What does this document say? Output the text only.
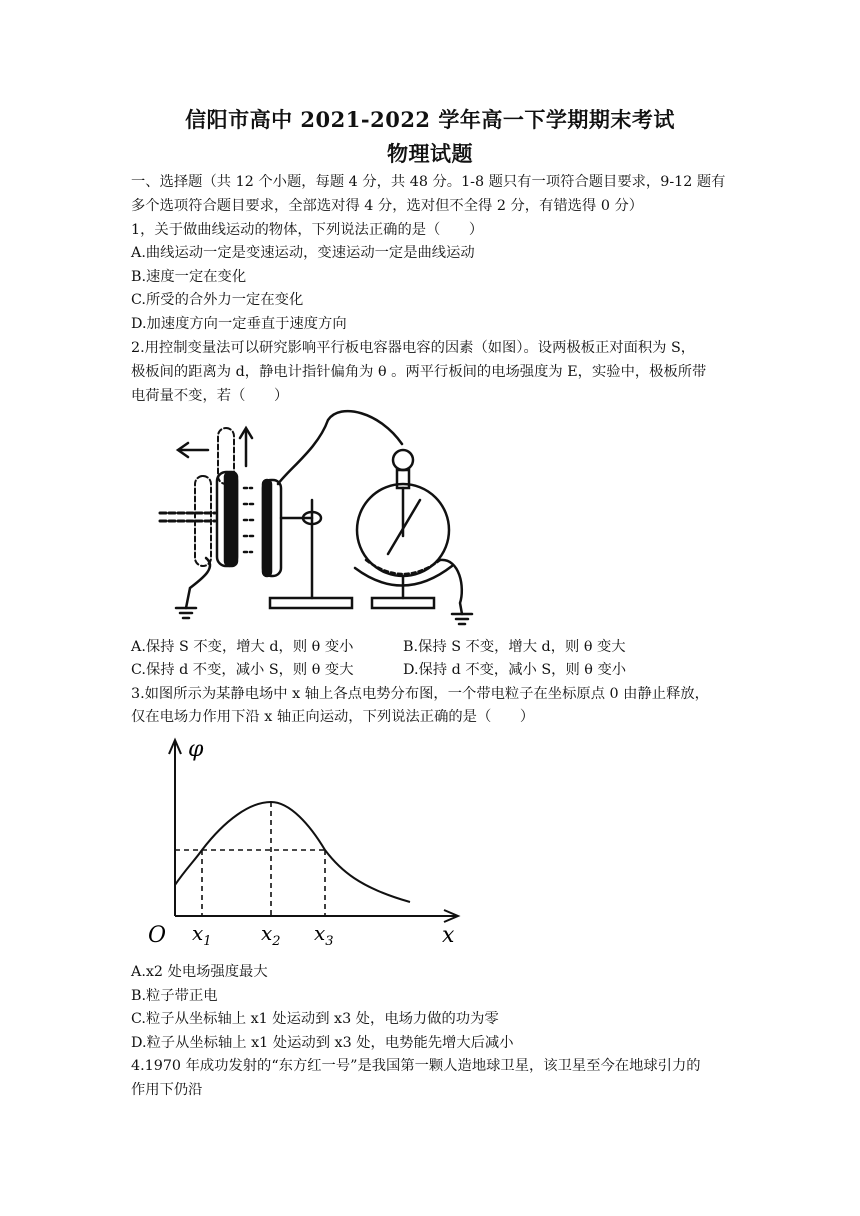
信阳市高中 2021-2022 学年高一下学期期末考试
物理试题
一、选择题（共 12 个小题，每题 4 分，共 48 分。1-8 题只有一项符合题目要求，9-12 题有
多个选项符合题目要求，全部选对得 4 分，选对但不全得 2 分，有错选得 0 分）
1，关于做曲线运动的物体，下列说法正确的是（　　）
A.曲线运动一定是变速运动，变速运动一定是曲线运动
B.速度一定在变化
C.所受的合外力一定在变化
D.加速度方向一定垂直于速度方向
2.用控制变量法可以研究影响平行板电容器电容的因素（如图）。设两极板正对面积为 S，
极板间的距离为 d，静电计指针偏角为 θ 。两平行板间的电场强度为 E，实验中，极板所带
电荷量不变，若（　　）
A.保持 S 不变，增大 d，则 θ 变小	B.保持 S 不变，增大 d，则 θ 变大
C.保持 d 不变，减小 S，则 θ 变大	D.保持 d 不变，减小 S，则 θ 变小
3.如图所示为某静电场中 x 轴上各点电势分布图，一个带电粒子在坐标原点 0 由静止释放，
仅在电场力作用下沿 x 轴正向运动，下列说法正确的是（　　）
φ
O	x
$x_1$ $x_2$ $x_3$
A.x2 处电场强度最大
B.粒子带正电
C.粒子从坐标轴上 x1 处运动到 x3 处，电场力做的功为零
D.粒子从坐标轴上 x1 处运动到 x3 处，电势能先增大后减小
4.1970 年成功发射的“东方红一号”是我国第一颗人造地球卫星，该卫星至今在地球引力的
作用下仍沿
